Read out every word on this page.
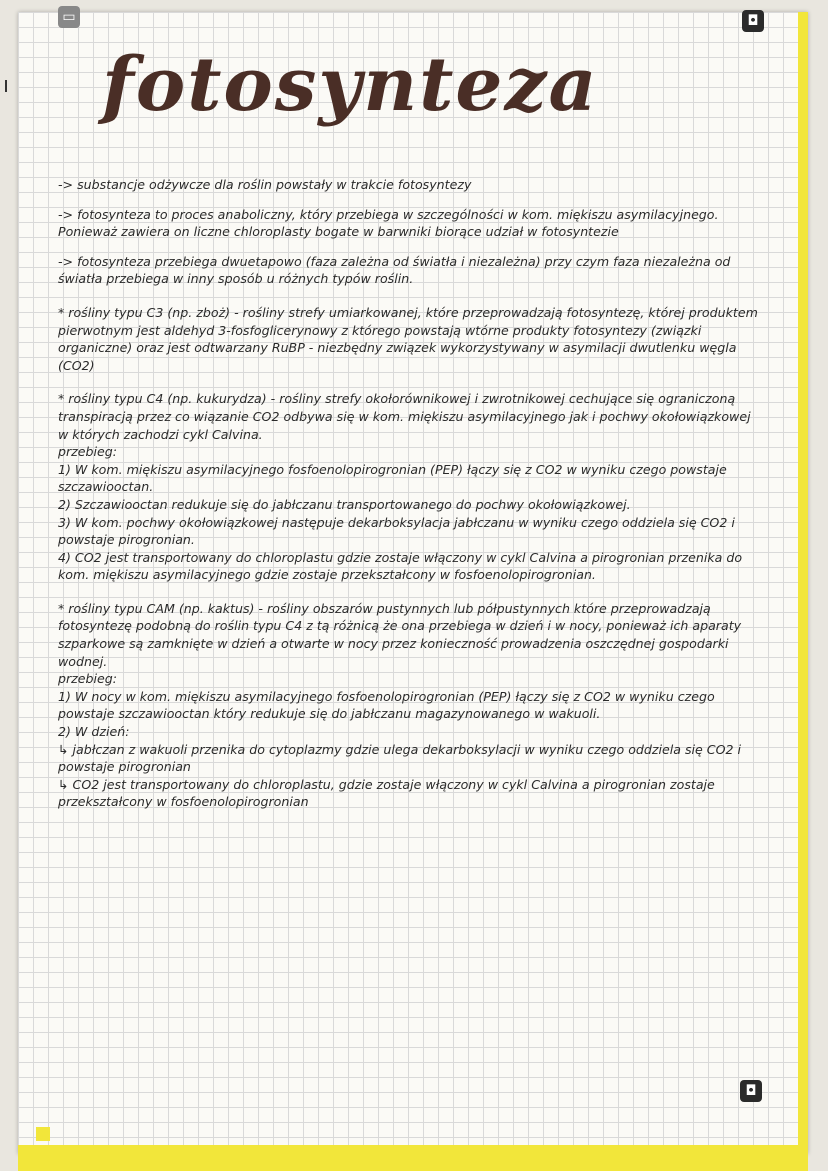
▭	◘
◘
fotosynteza

-> substancje odżywcze dla roślin powstały w trakcie fotosyntezy

-> fotosynteza to proces anaboliczny, który przebiega w szczególności w kom. miękiszu asymilacyjnego. Ponieważ zawiera on liczne chloroplasty bogate w barwniki biorące udział w fotosyntezie

-> fotosynteza przebiega dwuetapowo (faza zależna od światła i niezależna) przy czym faza niezależna od światła przebiega w inny sposób u różnych typów roślin.

* rośliny typu C3 (np. zboż) - rośliny strefy umiarkowanej, które przeprowadzają fotosyntezę, której produktem pierwotnym jest aldehyd 3-fosfoglicerynowy z którego powstają wtórne produkty fotosyntezy (związki organiczne) oraz jest odtwarzany RuBP - niezbędny związek wykorzystywany w asymilacji dwutlenku węgla (CO2)

* rośliny typu C4 (np. kukurydza) - rośliny strefy okołorównikowej i zwrotnikowej cechujące się ograniczoną transpiracją przez co wiązanie CO2 odbywa się w kom. miękiszu asymilacyjnego jak i pochwy okołowiązkowej w których zachodzi cykl Calvina.

przebieg:

1) W kom. miękiszu asymilacyjnego fosfoenolopirogronian (PEP) łączy się z CO2 w wyniku czego powstaje szczawiooctan.

2) Szczawiooctan redukuje się do jabłczanu transportowanego do pochwy okołowiązkowej.

3) W kom. pochwy okołowiązkowej następuje dekarboksylacja jabłczanu w wyniku czego oddziela się CO2 i powstaje pirogronian.

4) CO2 jest transportowany do chloroplastu gdzie zostaje włączony w cykl Calvina a pirogronian przenika do kom. miękiszu asymilacyjnego gdzie zostaje przekształcony w fosfoenolopirogronian.

* rośliny typu CAM (np. kaktus) - rośliny obszarów pustynnych lub półpustynnych które przeprowadzają fotosyntezę podobną do roślin typu C4 z tą różnicą że ona przebiega w dzień i w nocy, ponieważ ich aparaty szparkowe są zamknięte w dzień a otwarte w nocy przez konieczność prowadzenia oszczędnej gospodarki wodnej.

przebieg:

1) W nocy w kom. miękiszu asymilacyjnego fosfoenolopirogronian (PEP) łączy się z CO2 w wyniku czego powstaje szczawiooctan który redukuje się do jabłczanu magazynowanego w wakuoli.

2) W dzień:

↳ jabłczan z wakuoli przenika do cytoplazmy gdzie ulega dekarboksylacji w wyniku czego oddziela się CO2 i powstaje pirogronian

↳ CO2 jest transportowany do chloroplastu, gdzie zostaje włączony w cykl Calvina a pirogronian zostaje przekształcony w fosfoenolopirogronian
